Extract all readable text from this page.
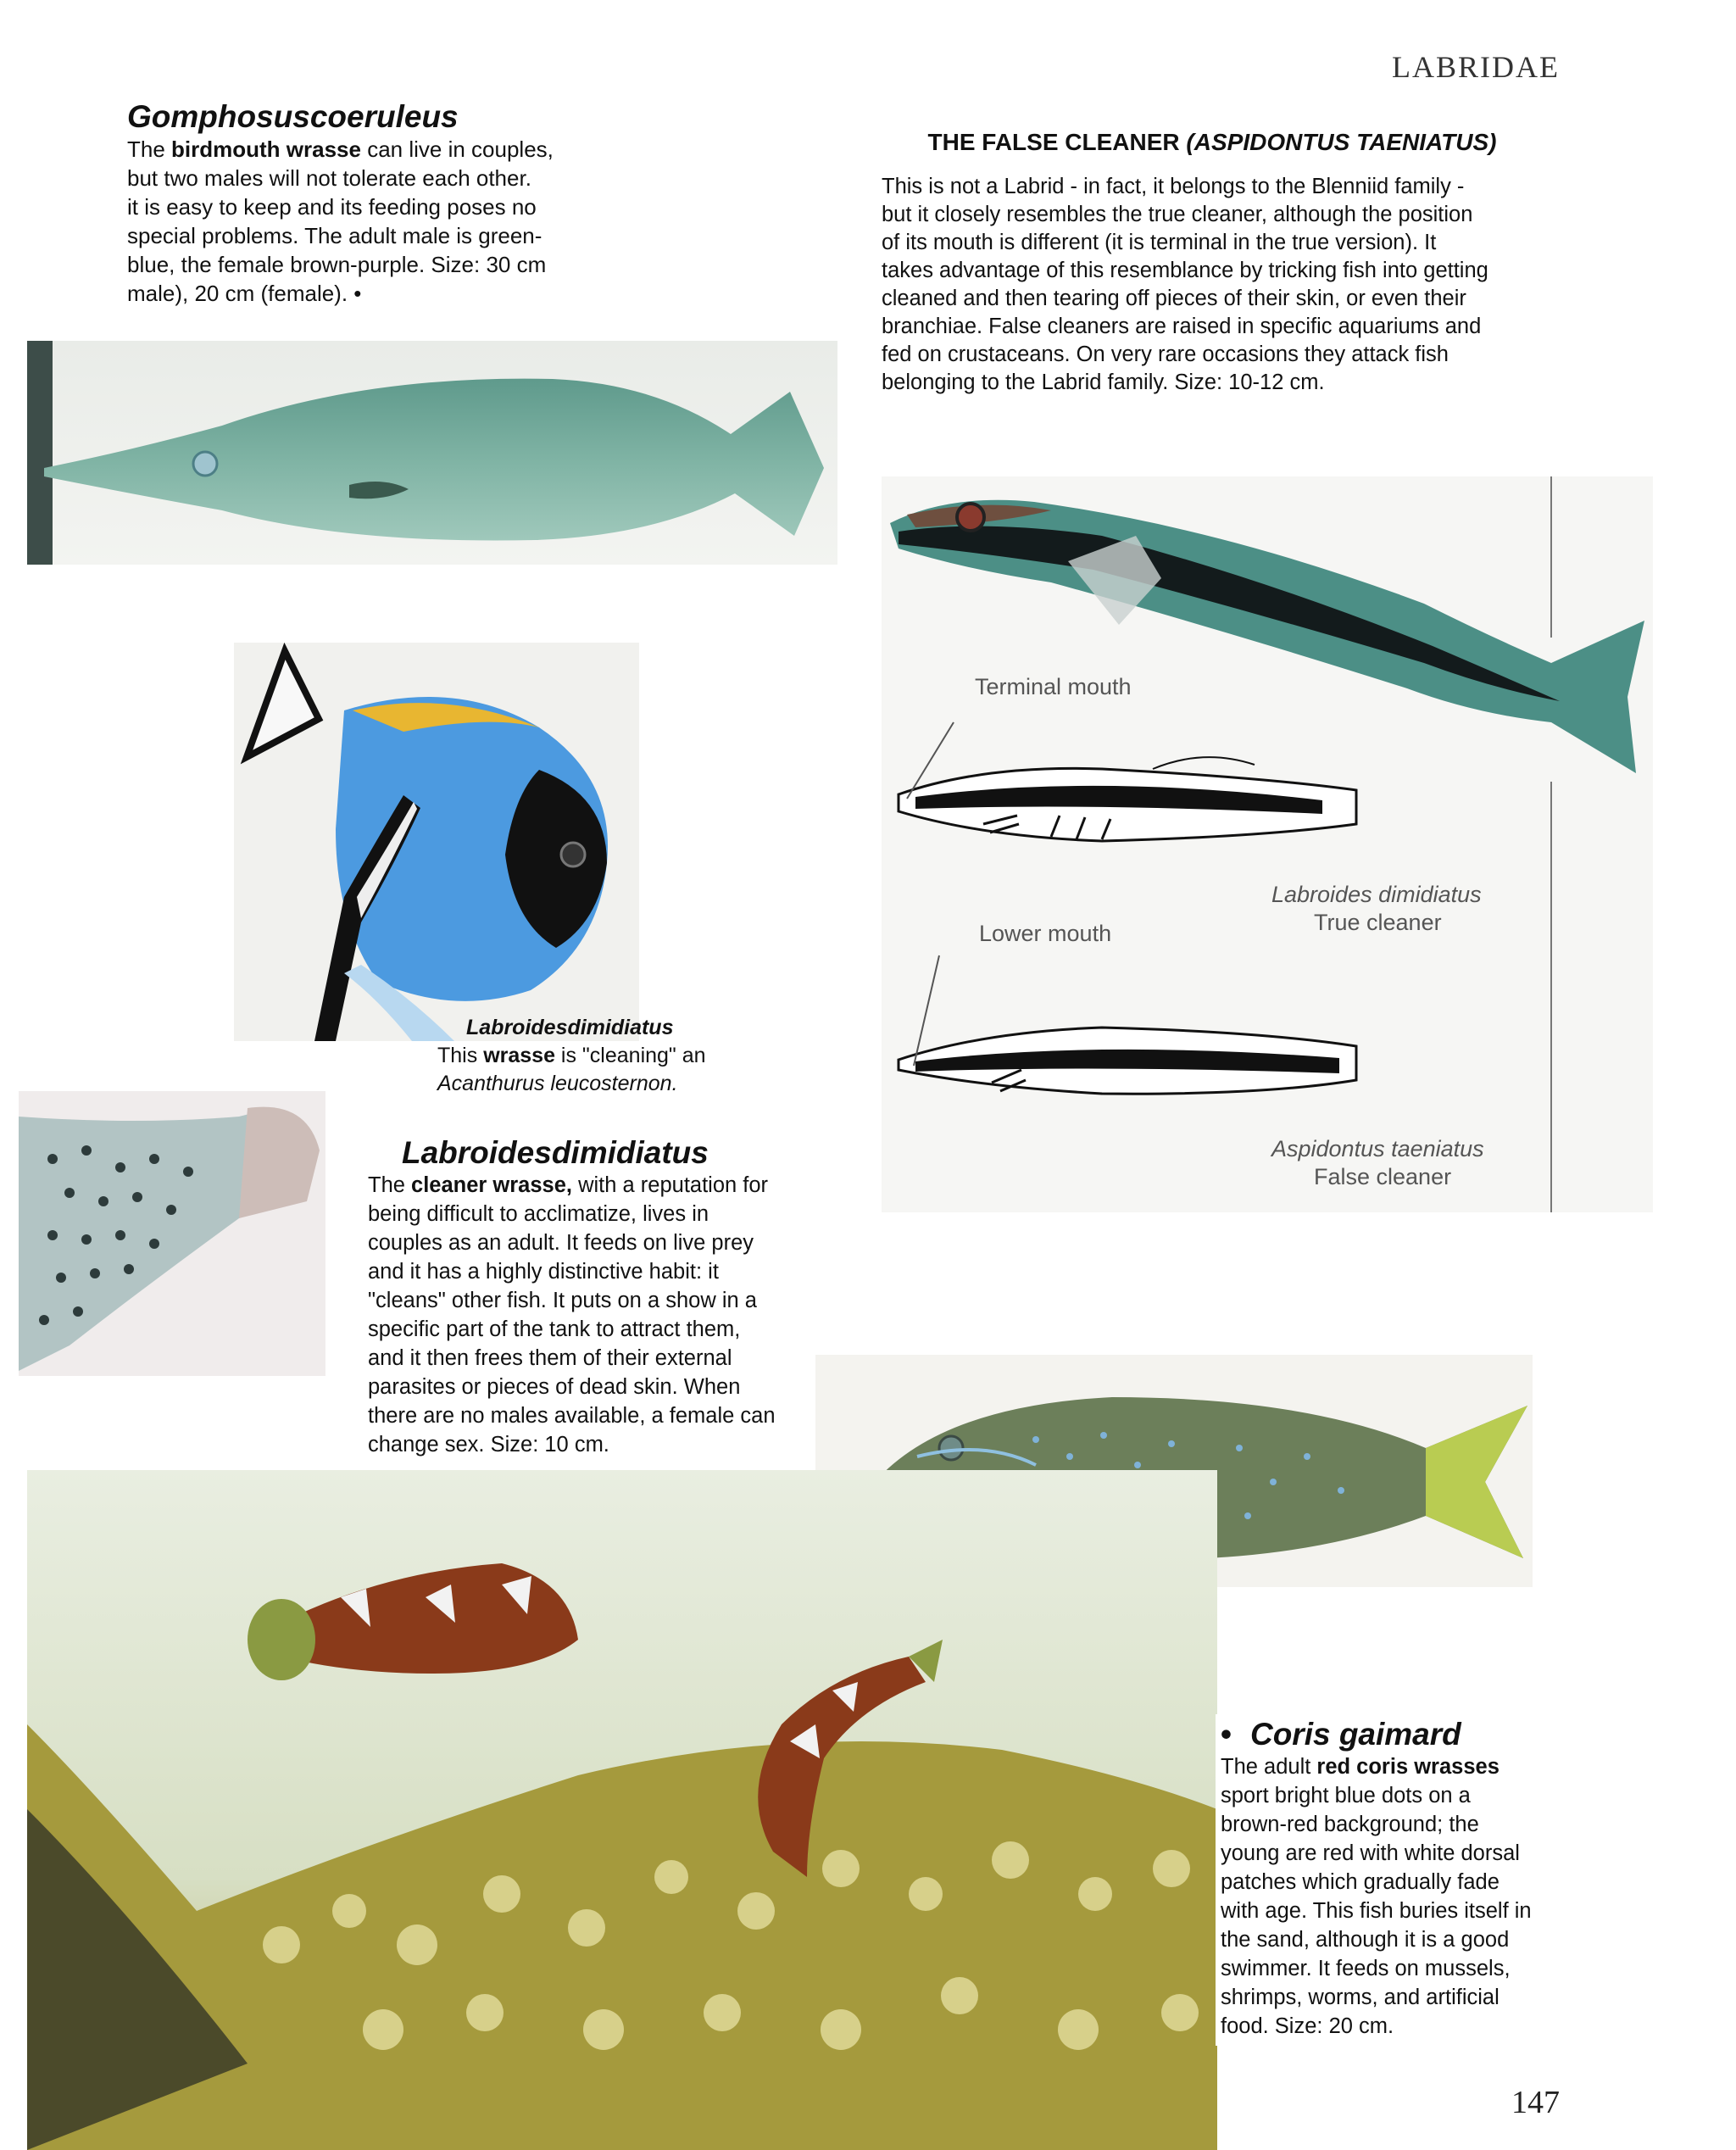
LABRIDAE
147
Gomphosuscoeruleus
The birdmouth wrasse can live in couples,
but two males will not tolerate each other.
it is easy to keep and its feeding poses no
special problems. The adult male is green-
blue, the female brown-purple. Size: 30 cm
male), 20 cm (female). •
THE FALSE CLEANER (ASPIDONTUS TAENIATUS)
This is not a Labrid - in fact, it belongs to the Blenniid family -
but it closely resembles the true cleaner, although the position
of its mouth is different (it is terminal in the true version). It
takes advantage of this resemblance by tricking fish into getting
cleaned and then tearing off pieces of their skin, or even their
branchiae. False cleaners are raised in specific aquariums and
fed on crustaceans. On very rare occasions they attack fish
belonging to the Labrid family. Size: 10-12 cm.
Terminal mouth
Labroides dimidiatus
True cleaner
Lower mouth
Aspidontus taeniatus
False cleaner
Labroidesdimidiatus
This wrasse is "cleaning" an
Acanthurus leucosternon.
Labroidesdimidiatus
The cleaner wrasse, with a reputation for
being difficult to acclimatize, lives in
couples as an adult. It feeds on live prey
and it has a highly distinctive habit: it
"cleans" other fish. It puts on a show in a
specific part of the tank to attract them,
and it then frees them of their external
parasites or pieces of dead skin. When
there are no males available, a female can
change sex. Size: 10 cm.
• Coris gaimard
The adult red coris wrasses
sport bright blue dots on a
brown-red background; the
young are red with white dorsal
patches which gradually fade
with age. This fish buries itself in
the sand, although it is a good
swimmer. It feeds on mussels,
shrimps, worms, and artificial
food. Size: 20 cm.
